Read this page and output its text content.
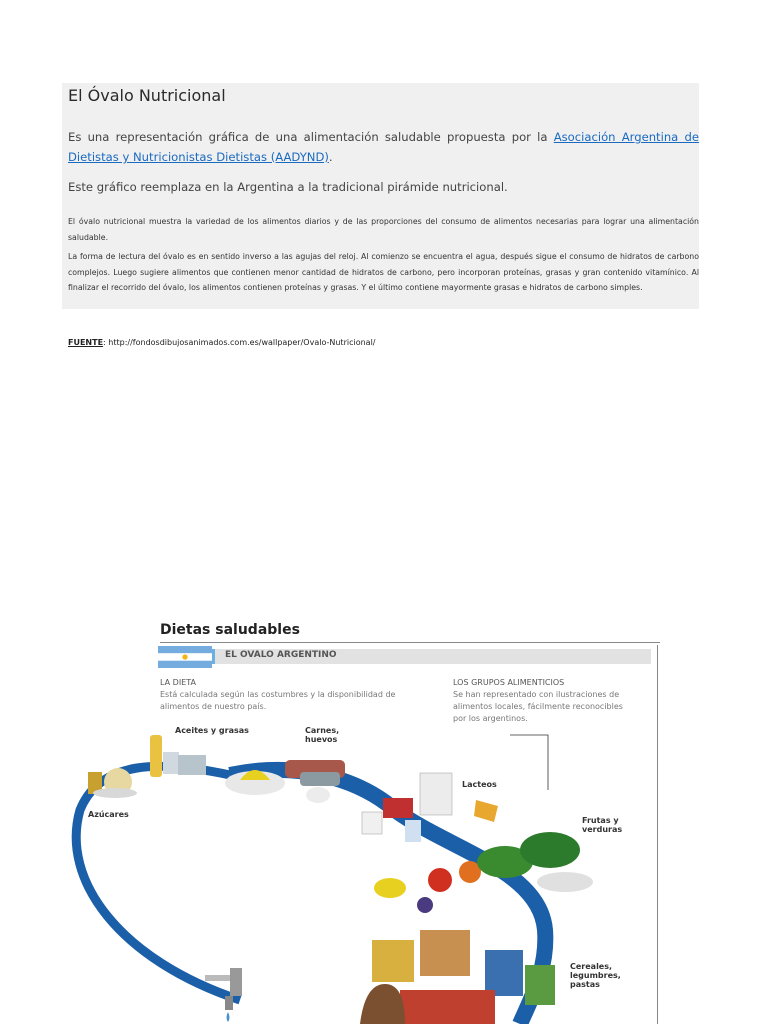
El Óvalo Nutricional
Es una representación gráfica de una alimentación saludable propuesta por la Asociación Argentina de Dietistas y Nutricionistas Dietistas (AADYND).
Este gráfico reemplaza en la Argentina a la tradicional pirámide nutricional.
El óvalo nutricional muestra la variedad de los alimentos diarios y de las proporciones del consumo de alimentos necesarias para lograr una alimentación saludable.
La forma de lectura del óvalo es en sentido inverso a las agujas del reloj. Al comienzo se encuentra el agua, después sigue el consumo de hidratos de carbono complejos. Luego sugiere alimentos que contienen menor cantidad de hidratos de carbono, pero incorporan proteínas, grasas y gran contenido vitamínico. Al finalizar el recorrido del óvalo, los alimentos contienen proteínas y grasas. Y el último contiene mayormente grasas e hidratos de carbono simples.
FUENTE: http://fondosdibujosanimados.com.es/wallpaper/Ovalo-Nutricional/
Dietas saludables
EL OVALO ARGENTINO
LA DIETA
Está calculada según las costumbres y la disponibilidad de alimentos de nuestro país.
LOS GRUPOS ALIMENTICIOS
Se han representado con ilustraciones de alimentos locales, fácilmente reconocibles por los argentinos.
Aceites y grasas	Carnes, huevos
Lacteos
Azúcares
Frutas y verduras
Cereales, legumbres, pastas
